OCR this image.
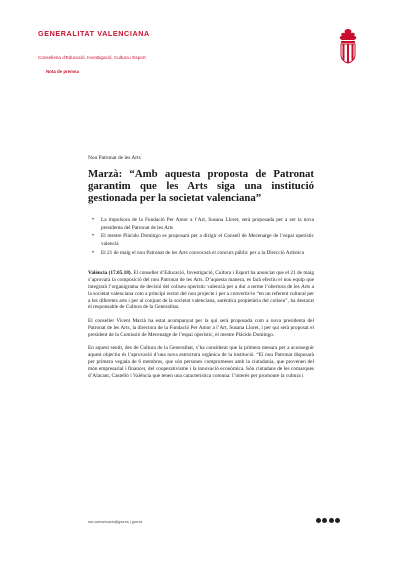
GENERALITAT VALENCIANA
Conselleria d'Educació, Investigació, Cultura i Esport
Nota de premsa
Nou Patronat de les Arts
Marzà: “Amb aquesta proposta de Patronat garantim que les Arts siga una institució gestionada per la societat valenciana”
• La impulsora de la Fundació Per Amor a l’Art, Susana Lloret, serà proposada per a ser la nova presidenta del Patronat de les Arts
• El mestre Plácido Domingo es proposarà per a dirigir el Consell de Mecenatge de l’espai operístic valencià
• El 21 de maig el nou Patronat de les Arts convocarà el concurs públic per a la Direcció Artística

València (17.05.18). El conseller d’Educació, Investigació, Cultura i Esport ha anunciat que el 21 de maig s’aprovarà la composició del nou Patronat de les Arts. D’aquesta manera, es farà efectiu el nou equip que integrarà l’organigrama de decisió del coliseu operístic valencià per a dur a terme l’obertura de les Arts a la societat valenciana com a principi rector del nou projecte i per a convertir-lo “en un referent cultural per a les diferents arts i per al conjunt de la societat valenciana, autèntica propietària del coliseu”, ha destacat el responsable de Cultura de la Generalitat.

El conseller Vicent Marzà ha estat acompanyat per la qui serà proposada com a nova presidenta del Patronat de les Arts, la directora de la Fundació Per Amor a l’Art, Susana Lloret, i per qui serà proposat el president de la Comissió de Mecenatge de l’espai operístic, el mestre Plácido Domingo.

En aquest sentit, des de Cultura de la Generalitat, s’ha considerat que la primera mesura per a aconseguir aquest objectiu és l’aprovació d’una nova estructura orgànica de la institució. “El nou Patronat disposarà per primera vegada de 6 membres, que són persones compromeses amb la ciutadania, que provenen del món empresarial i financer, del cooperativisme i la innovació econòmica. Són ciutadans de les comarques d’Alacant, Castelló i València que tenen una característica comuna: l’interès per promoure la cultura i

sec.comunicacio@gva.es | gva.es
